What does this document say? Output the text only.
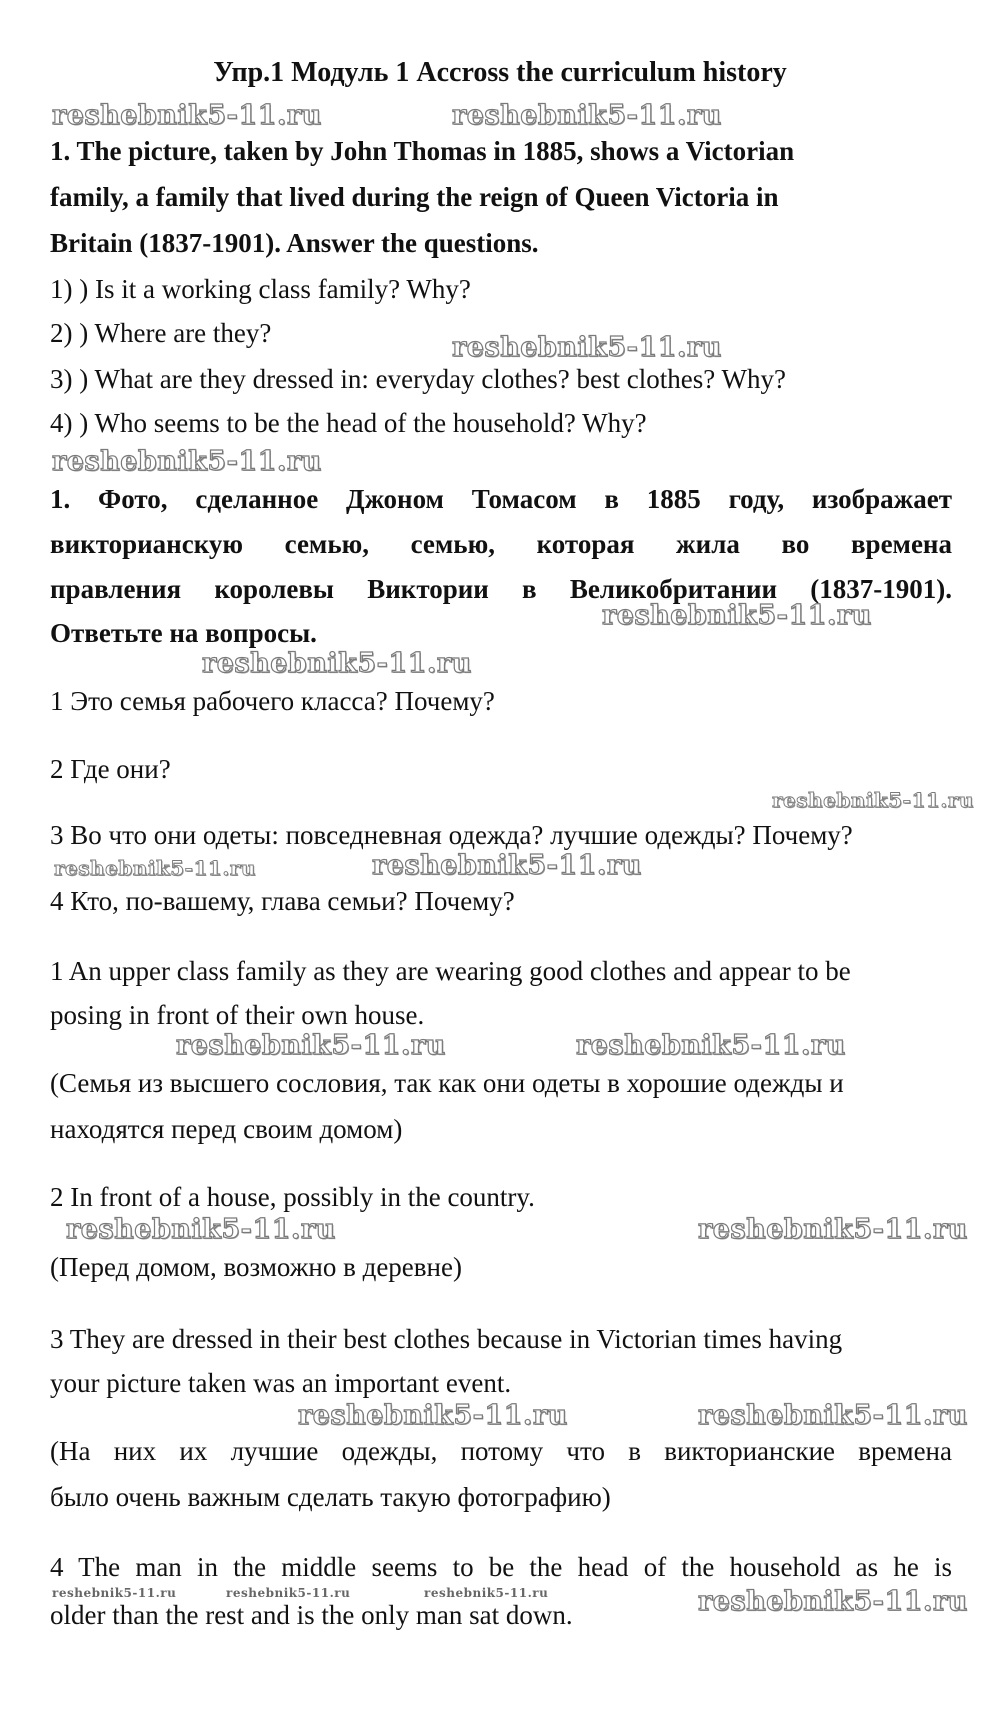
Упр.1 Модуль 1 Accross the curriculum history
1. The picture, taken by John Thomas in 1885, shows a Victorian
family, a family that lived during the reign of Queen Victoria in
Britain (1837-1901). Answer the questions.
1) ) Is it a working class family? Why?
2) ) Where are they?
3) ) What are they dressed in: everyday clothes? best clothes? Why?
4) ) Who seems to be the head of the household? Why?
1. Фото, сделанное Джоном Томасом в 1885 году, изображает
викторианскую семью, семью, которая жила во времена
правления королевы Виктории в Великобритании (1837-1901).
Ответьте на вопросы.
1 Это семья рабочего класса? Почему?
2 Где они?
3 Во что они одеты: повседневная одежда? лучшие одежды? Почему?
4 Кто, по-вашему, глава семьи? Почему?
1 An upper class family as they are wearing good clothes and appear to be
posing in front of their own house.
(Семья из высшего сословия, так как они одеты в хорошие одежды и
находятся перед своим домом)
2 In front of a house, possibly in the country.
(Перед домом, возможно в деревне)
3 They are dressed in their best clothes because in Victorian times having
your picture taken was an important event.
(На них их лучшие одежды, потому что в викторианские времена
было очень важным сделать такую фотографию)
4 The man in the middle seems to be the head of the household as he is
older than the rest and is the only man sat down.
reshebnik5-11.ru	reshebnik5-11.ru
reshebnik5-11.ru
reshebnik5-11.ru
reshebnik5-11.ru
reshebnik5-11.ru
reshebnik5-11.ru
reshebnik5-11.ru	reshebnik5-11.ru
reshebnik5-11.ru	reshebnik5-11.ru
reshebnik5-11.ru	reshebnik5-11.ru
reshebnik5-11.ru	reshebnik5-11.ru
reshebnik5-11.ru	reshebnik5-11.ru	reshebnik5-11.ru	reshebnik5-11.ru
